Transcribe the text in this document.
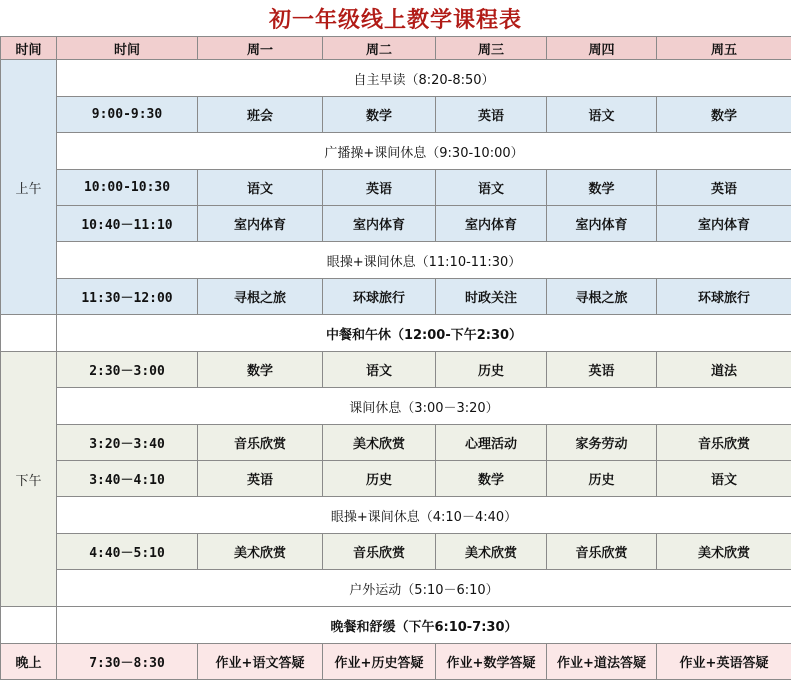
初一年级线上教学课程表
时间	时间	周一	周二	周三	周四	周五
上午	自主早读（8:20-8:50）					
	9:00-9:30	班会	数学	英语	语文	数学
	广播操+课间休息（9:30-10:00）					
	10:00-10:30	语文	英语	语文	数学	英语
	10:40－11:10	室内体育	室内体育	室内体育	室内体育	室内体育
	眼操+课间休息（11:10-11:30）					
	11:30－12:00	寻根之旅	环球旅行	时政关注	寻根之旅	环球旅行
	中餐和午休（12:00-下午2:30）					
下午	2:30－3:00	数学	语文	历史	英语	道法
	课间休息（3:00－3:20）					
	3:20－3:40	音乐欣赏	美术欣赏	心理活动	家务劳动	音乐欣赏
	3:40－4:10	英语	历史	数学	历史	语文
	眼操+课间休息（4:10－4:40）					
	4:40－5:10	美术欣赏	音乐欣赏	美术欣赏	音乐欣赏	美术欣赏
	户外运动（5:10－6:10）					
	晚餐和舒缓（下午6:10-7:30）					
晚上	7:30－8:30	作业+语文答疑	作业+历史答疑	作业+数学答疑	作业+道法答疑	作业+英语答疑
